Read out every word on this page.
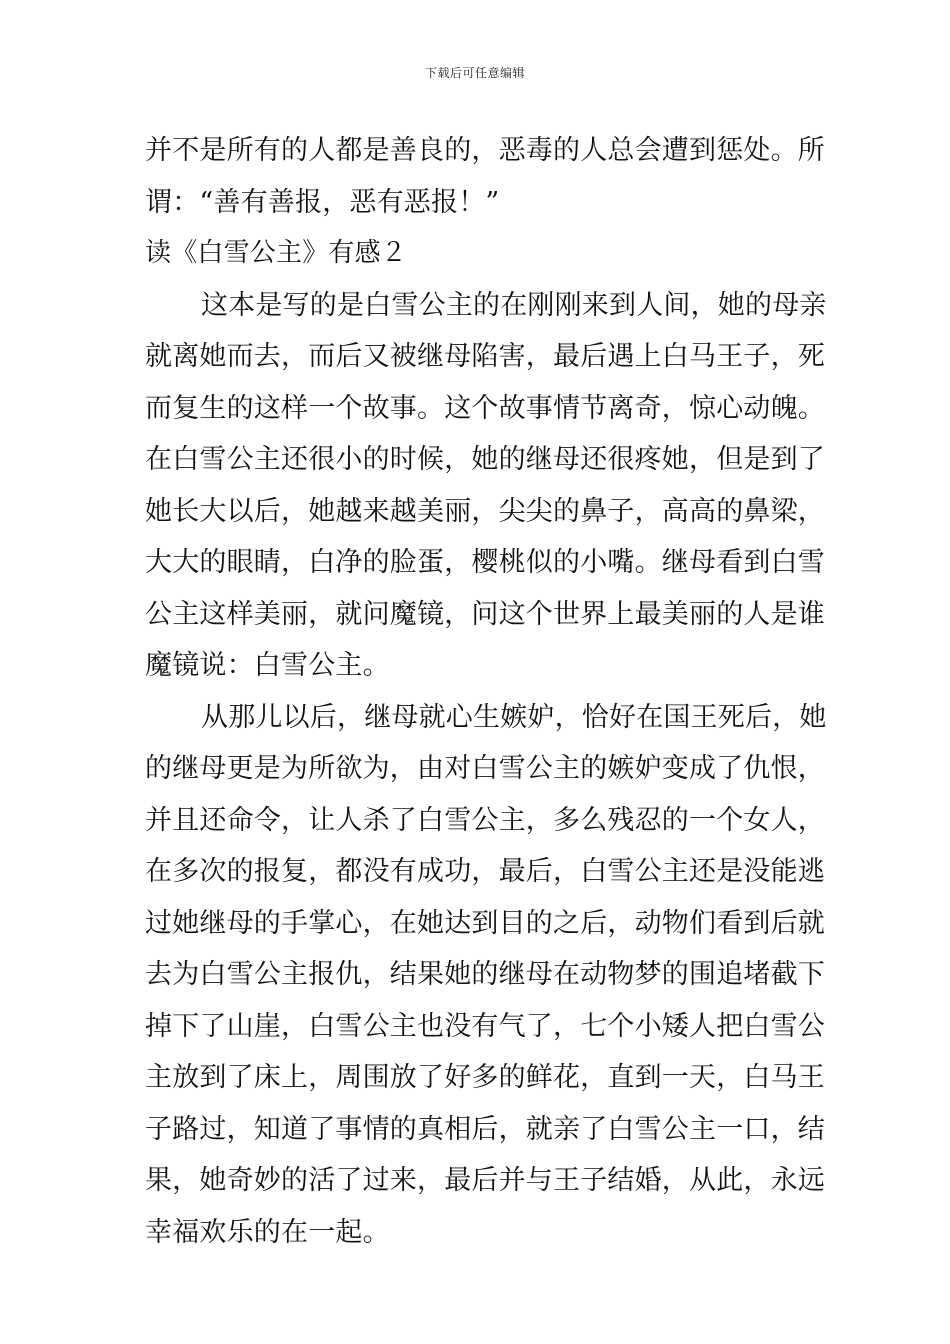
下载后可任意编辑
并不是所有的人都是善良的，恶毒的人总会遭到惩处。所
谓：“善有善报，恶有恶报！”
读《白雪公主》有感２
这本是写的是白雪公主的在刚刚来到人间，她的母亲
就离她而去，而后又被继母陷害，最后遇上白马王子，死
而复生的这样一个故事。这个故事情节离奇，惊心动魄。
在白雪公主还很小的时候，她的继母还很疼她，但是到了
她长大以后，她越来越美丽，尖尖的鼻子，高高的鼻梁，
大大的眼睛，白净的脸蛋，樱桃似的小嘴。继母看到白雪
公主这样美丽，就问魔镜，问这个世界上最美丽的人是谁
魔镜说：白雪公主。
从那儿以后，继母就心生嫉妒，恰好在国王死后，她
的继母更是为所欲为，由对白雪公主的嫉妒变成了仇恨，
并且还命令，让人杀了白雪公主，多么残忍的一个女人，
在多次的报复，都没有成功，最后，白雪公主还是没能逃
过她继母的手掌心，在她达到目的之后，动物们看到后就
去为白雪公主报仇，结果她的继母在动物梦的围追堵截下
掉下了山崖，白雪公主也没有气了，七个小矮人把白雪公
主放到了床上，周围放了好多的鲜花，直到一天，白马王
子路过，知道了事情的真相后，就亲了白雪公主一口，结
果，她奇妙的活了过来，最后并与王子结婚，从此，永远
幸福欢乐的在一起。
